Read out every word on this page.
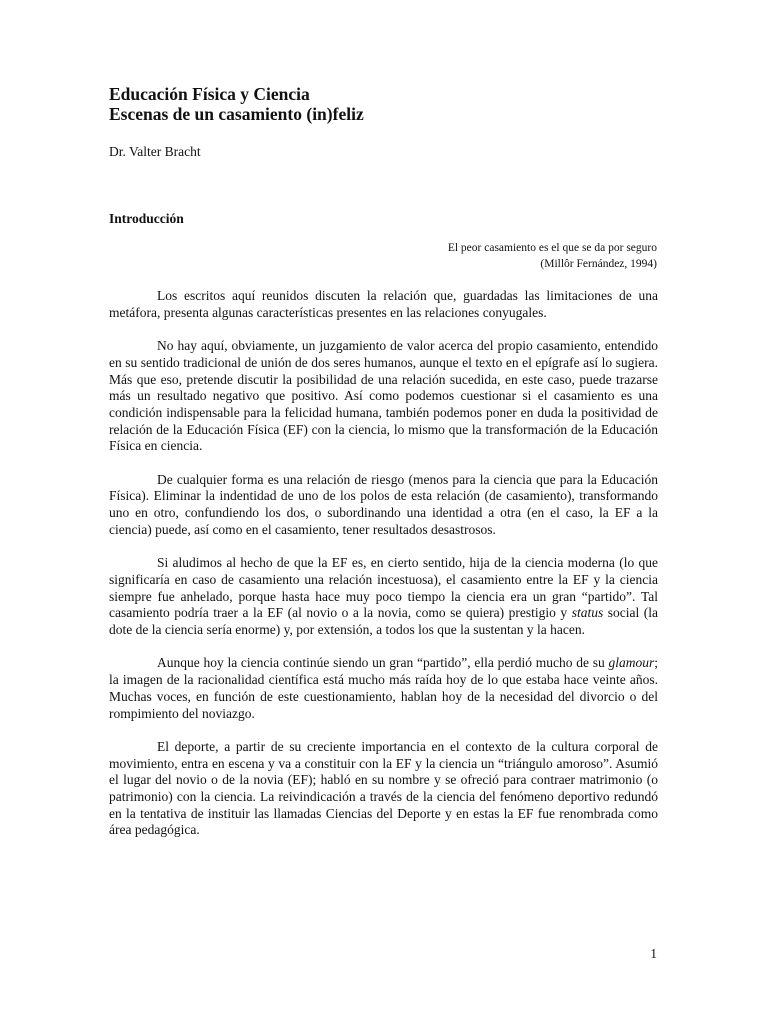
Educación Física y Ciencia
Escenas de un casamiento (in)feliz

Dr. Valter Bracht

Introducción
El peor casamiento es el que se da por seguro
(Millôr Fernández, 1994)

Los escritos aquí reunidos discuten la relación que, guardadas las limitaciones de una metáfora, presenta algunas características presentes en las relaciones conyugales.

No hay aquí, obviamente, un juzgamiento de valor acerca del propio casamiento, entendido en su sentido tradicional de unión de dos seres humanos, aunque el texto en el epígrafe así lo sugiera. Más que eso, pretende discutir la posibilidad de una relación sucedida, en este caso, puede trazarse más un resultado negativo que positivo. Así como podemos cuestionar si el casamiento es una condición indispensable para la felicidad humana, también podemos poner en duda la positividad de relación de la Educación Física (EF) con la ciencia, lo mismo que la transformación de la Educación Física en ciencia.

De cualquier forma es una relación de riesgo (menos para la ciencia que para la Educación Física). Eliminar la indentidad de uno de los polos de esta relación (de casamiento), transformando uno en otro, confundiendo los dos, o subordinando una identidad a otra (en el caso, la EF a la ciencia) puede, así como en el casamiento, tener resultados desastrosos.

Si aludimos al hecho de que la EF es, en cierto sentido, hija de la ciencia moderna (lo que significaría en caso de casamiento una relación incestuosa), el casamiento entre la EF y la ciencia siempre fue anhelado, porque hasta hace muy poco tiempo la ciencia era un gran “partido”. Tal casamiento podría traer a la EF (al novio o a la novia, como se quiera) prestigio y status social (la dote de la ciencia sería enorme) y, por extensión, a todos los que la sustentan y la hacen.

Aunque hoy la ciencia continúe siendo un gran “partido”, ella perdió mucho de su glamour; la imagen de la racionalidad científica está mucho más raída hoy de lo que estaba hace veinte años. Muchas voces, en función de este cuestionamiento, hablan hoy de la necesidad del divorcio o del rompimiento del noviazgo.

El deporte, a partir de su creciente importancia en el contexto de la cultura corporal de movimiento, entra en escena y va a constituir con la EF y la ciencia un “triángulo amoroso”. Asumió el lugar del novio o de la novia (EF); habló en su nombre y se ofreció para contraer matrimonio (o patrimonio) con la ciencia. La reivindicación a través de la ciencia del fenómeno deportivo redundó en la tentativa de instituir las llamadas Ciencias del Deporte y en estas la EF fue renombrada como área pedagógica.

1
